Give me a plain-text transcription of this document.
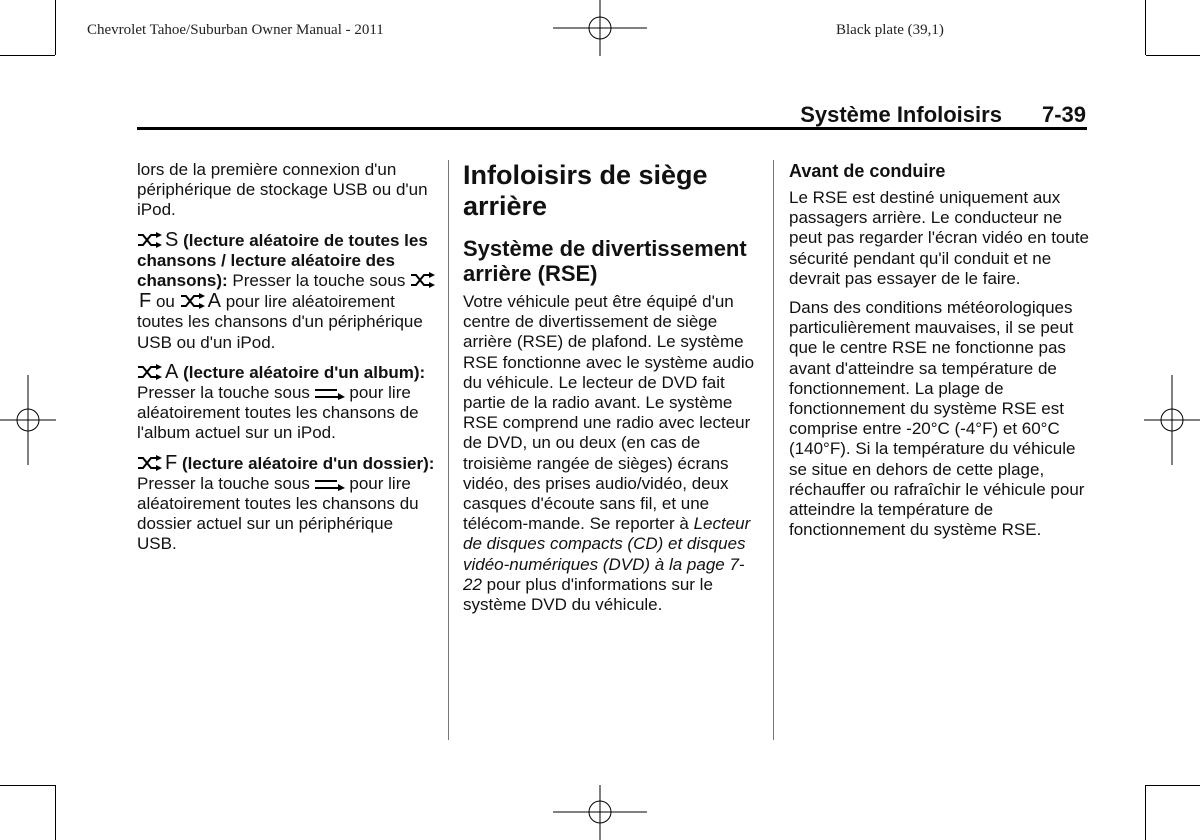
Chevrolet Tahoe/Suburban Owner Manual - 2011	Black plate (39,1)
Système Infoloisirs 7-39

lors de la première connexion d'un périphérique de stockage USB ou d'un iPod.

S (lecture aléatoire de toutes les chansons / lecture aléatoire des chansons): Presser la touche sous
F ou A pour lire aléatoirement toutes les chansons d'un périphérique USB ou d'un iPod.

A (lecture aléatoire d'un album): Presser la touche sous pour lire aléatoirement toutes les chansons de l'album actuel sur un iPod.

F (lecture aléatoire d'un dossier): Presser la touche sous pour lire aléatoirement toutes les chansons du dossier actuel sur un périphérique USB.

Infoloisirs de siège arrière
Système de divertissement arrière (RSE)

Votre véhicule peut être équipé d'un centre de divertissement de siège arrière (RSE) de plafond. Le système RSE fonctionne avec le système audio du véhicule. Le lecteur de DVD fait partie de la radio avant. Le système RSE comprend une radio avec lecteur de DVD, un ou deux (en cas de troisième rangée de sièges) écrans vidéo, des prises audio/vidéo, deux casques d'écoute sans fil, et une télécom-mande. Se reporter à Lecteur de disques compacts (CD) et disques vidéo-numériques (DVD) à la page 7-22 pour plus d'informations sur le système DVD du véhicule.

Avant de conduire

Le RSE est destiné uniquement aux passagers arrière. Le conducteur ne peut pas regarder l'écran vidéo en toute sécurité pendant qu'il conduit et ne devrait pas essayer de le faire.

Dans des conditions météorologiques particulièrement mauvaises, il se peut que le centre RSE ne fonctionne pas avant d'atteindre sa température de fonctionnement. La plage de fonctionnement du système RSE est comprise entre -20°C (-4°F) et 60°C (140°F). Si la température du véhicule se situe en dehors de cette plage, réchauffer ou rafraîchir le véhicule pour atteindre la température de fonctionnement du système RSE.
